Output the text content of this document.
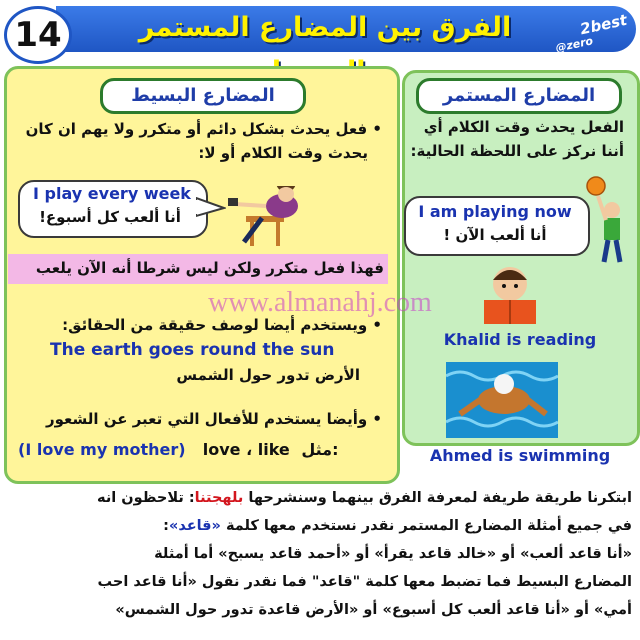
14	الفرق بين المضارع المستمر
@zero
2best
المضارع البسيط
• فعل يحدث بشكل دائم أو متكرر ولا يهم ان كان
يحدث وقت الكلام أو لا:
I play every week
أنا ألعب كل أسبوع!
فهذا فعل متكرر ولكن ليس شرطا أنه الآن يلعب
• ويستخدم أيضا لوصف حقيقة من الحقائق:
The earth goes round the sun
الأرض تدور حول الشمس
• وأيضا يستخدم للأفعال التي تعبر عن الشعور
(I love my mother) love ، like مثل:
المضارع المستمر
الفعل يحدث وقت الكلام أي
أننا نركز على اللحظة الحالية:
I am playing now
أنا ألعب الآن !
Khalid is reading
Ahmed is swimming
www.almanahj.com
ابتكرنا طريقة طريفة لمعرفة الفرق بينهما وسنشرحها بلهجتنا: تلاحظون انه
في جميع أمثلة المضارع المستمر نقدر نستخدم معها كلمة «قاعد»:
«أنا قاعد ألعب» أو «خالد قاعد يقرأ» أو «أحمد قاعد يسبح» أما أمثلة
المضارع البسيط فما تضبط معها كلمة "قاعد" فما نقدر نقول «أنا قاعد احب
أمي» أو «أنا قاعد ألعب كل أسبوع» أو «الأرض قاعدة تدور حول الشمس»
